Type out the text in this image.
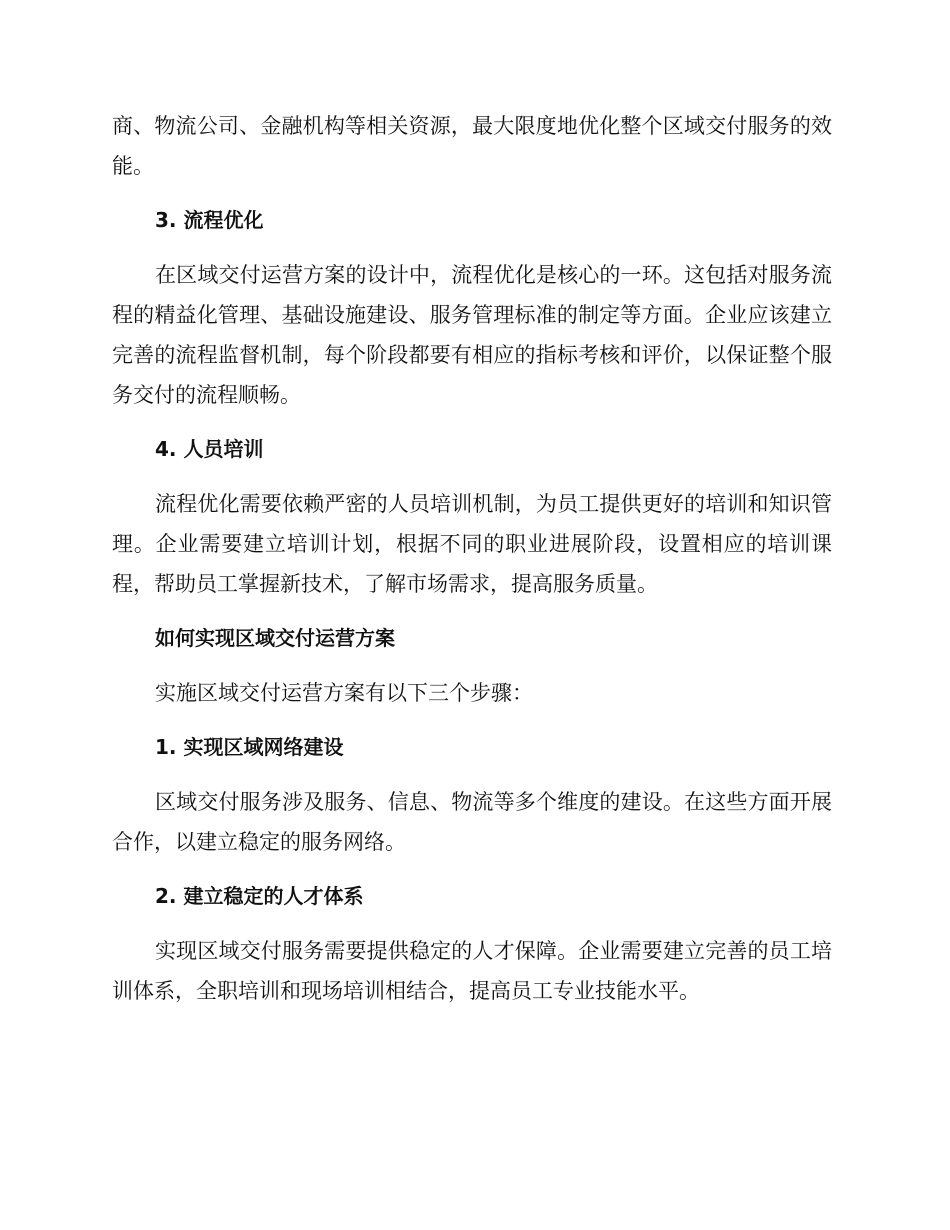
商、物流公司、金融机构等相关资源，最大限度地优化整个区域交付服务的效能。

3. 流程优化

在区域交付运营方案的设计中，流程优化是核心的一环。这包括对服务流程的精益化管理、基础设施建设、服务管理标准的制定等方面。企业应该建立完善的流程监督机制，每个阶段都要有相应的指标考核和评价，以保证整个服务交付的流程顺畅。

4. 人员培训

流程优化需要依赖严密的人员培训机制，为员工提供更好的培训和知识管理。企业需要建立培训计划，根据不同的职业进展阶段，设置相应的培训课程，帮助员工掌握新技术，了解市场需求，提高服务质量。

如何实现区域交付运营方案

实施区域交付运营方案有以下三个步骤：

1. 实现区域网络建设

区域交付服务涉及服务、信息、物流等多个维度的建设。在这些方面开展合作，以建立稳定的服务网络。

2. 建立稳定的人才体系

实现区域交付服务需要提供稳定的人才保障。企业需要建立完善的员工培训体系，全职培训和现场培训相结合，提高员工专业技能水平。
